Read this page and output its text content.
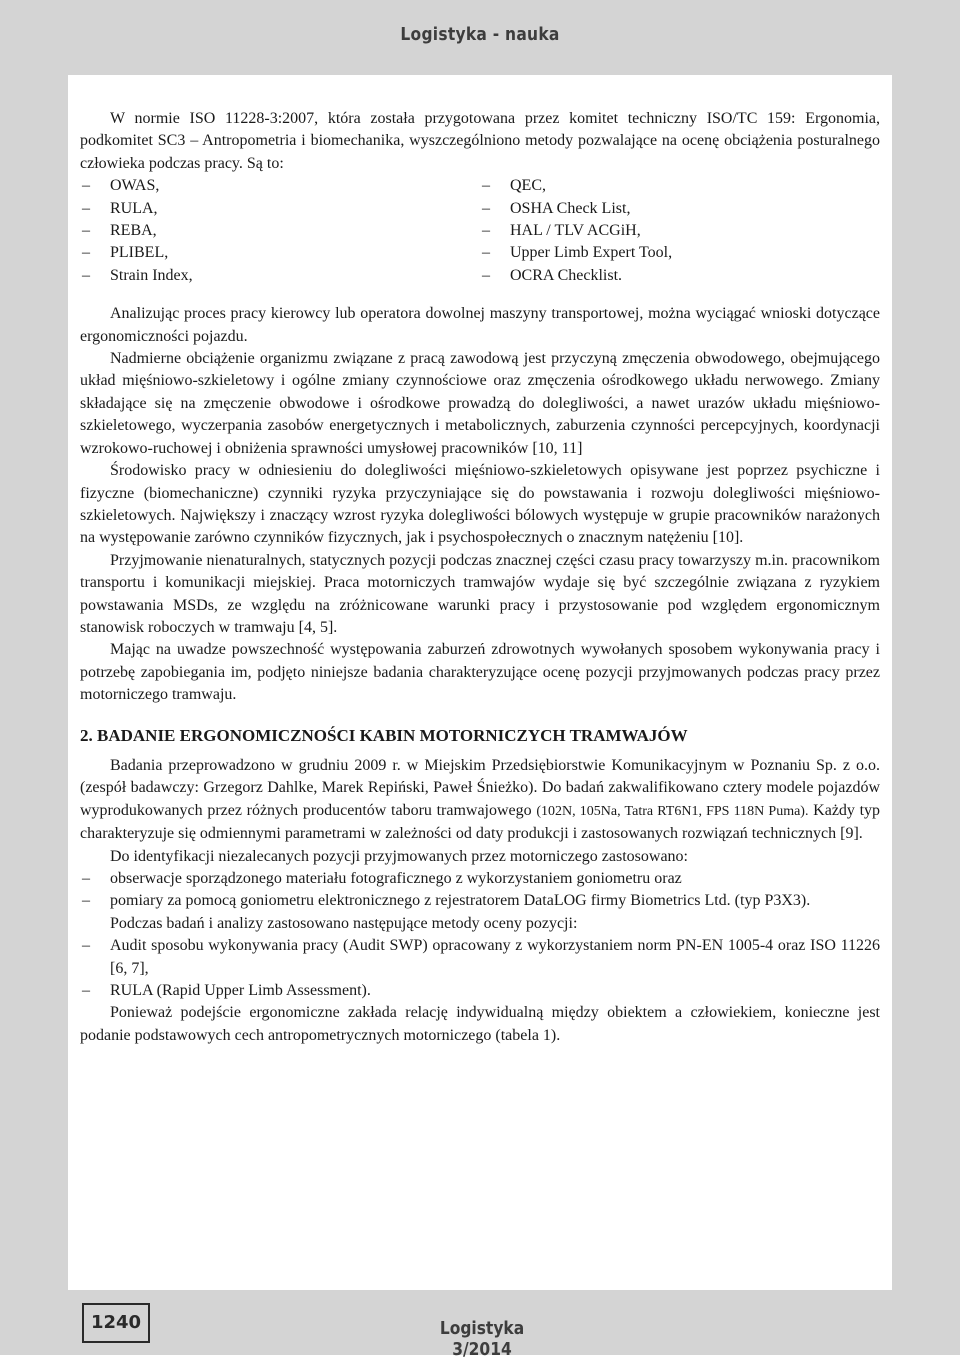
Logistyka - nauka

W normie ISO 11228-3:2007, która została przygotowana przez komitet techniczny ISO/TC 159: Ergonomia, podkomitet SC3 – Antropometria i biomechanika, wyszczególniono metody pozwalające na ocenę obciążenia posturalnego człowieka podczas pracy. Są to:

– OWAS,
– RULA,
– REBA,
– PLIBEL,
– Strain Index,
– QEC,
– OSHA Check List,
– HAL / TLV ACGiH,
– Upper Limb Expert Tool,
– OCRA Checklist.

Analizując proces pracy kierowcy lub operatora dowolnej maszyny transportowej, można wyciągać wnioski dotyczące ergonomiczności pojazdu.

Nadmierne obciążenie organizmu związane z pracą zawodową jest przyczyną zmęczenia obwodowego, obejmującego układ mięśniowo-szkieletowy i ogólne zmiany czynnościowe oraz zmęczenia ośrodkowego układu nerwowego. Zmiany składające się na zmęczenie obwodowe i ośrodkowe prowadzą do dolegliwości, a nawet urazów układu mięśniowo-szkieletowego, wyczerpania zasobów energetycznych i metabolicznych, zaburzenia czynności percepcyjnych, koordynacji wzrokowo-ruchowej i obniżenia sprawności umysłowej pracowników [10, 11]

Środowisko pracy w odniesieniu do dolegliwości mięśniowo-szkieletowych opisywane jest poprzez psychiczne i fizyczne (biomechaniczne) czynniki ryzyka przyczyniające się do powstawania i rozwoju dolegliwości mięśniowo-szkieletowych. Największy i znaczący wzrost ryzyka dolegliwości bólowych występuje w grupie pracowników narażonych na występowanie zarówno czynników fizycznych, jak i psychospołecznych o znacznym natężeniu [10].

Przyjmowanie nienaturalnych, statycznych pozycji podczas znacznej części czasu pracy towarzyszy m.in. pracownikom transportu i komunikacji miejskiej. Praca motorniczych tramwajów wydaje się być szczególnie związana z ryzykiem powstawania MSDs, ze względu na zróżnicowane warunki pracy i przystosowanie pod względem ergonomicznym stanowisk roboczych w tramwaju [4, 5].

Mając na uwadze powszechność występowania zaburzeń zdrowotnych wywołanych sposobem wykonywania pracy i potrzebę zapobiegania im, podjęto niniejsze badania charakteryzujące ocenę pozycji przyjmowanych podczas pracy przez motorniczego tramwaju.

2. BADANIE ERGONOMICZNOŚCI KABIN MOTORNICZYCH TRAMWAJÓW

Badania przeprowadzono w grudniu 2009 r. w Miejskim Przedsiębiorstwie Komunikacyjnym w Poznaniu Sp. z o.o. (zespół badawczy: Grzegorz Dahlke, Marek Repiński, Paweł Śnieżko). Do badań zakwalifikowano cztery modele pojazdów wyprodukowanych przez różnych producentów taboru tramwajowego (102N, 105Na, Tatra RT6N1, FPS 118N Puma). Każdy typ charakteryzuje się odmiennymi parametrami w zależności od daty produkcji i zastosowanych rozwiązań technicznych [9].

Do identyfikacji niezalecanych pozycji przyjmowanych przez motorniczego zastosowano:

– obserwacje sporządzonego materiału fotograficznego z wykorzystaniem goniometru oraz
– pomiary za pomocą goniometru elektronicznego z rejestratorem DataLOG firmy Biometrics Ltd. (typ P3X3).

Podczas badań i analizy zastosowano następujące metody oceny pozycji:

– Audit sposobu wykonywania pracy (Audit SWP) opracowany z wykorzystaniem norm PN-EN 1005-4 oraz ISO 11226 [6, 7],
– RULA (Rapid Upper Limb Assessment).

Ponieważ podejście ergonomiczne zakłada relację indywidualną między obiektem a człowiekiem, konieczne jest podanie podstawowych cech antropometrycznych motorniczego (tabela 1).

1240	Logistyka 3/2014
